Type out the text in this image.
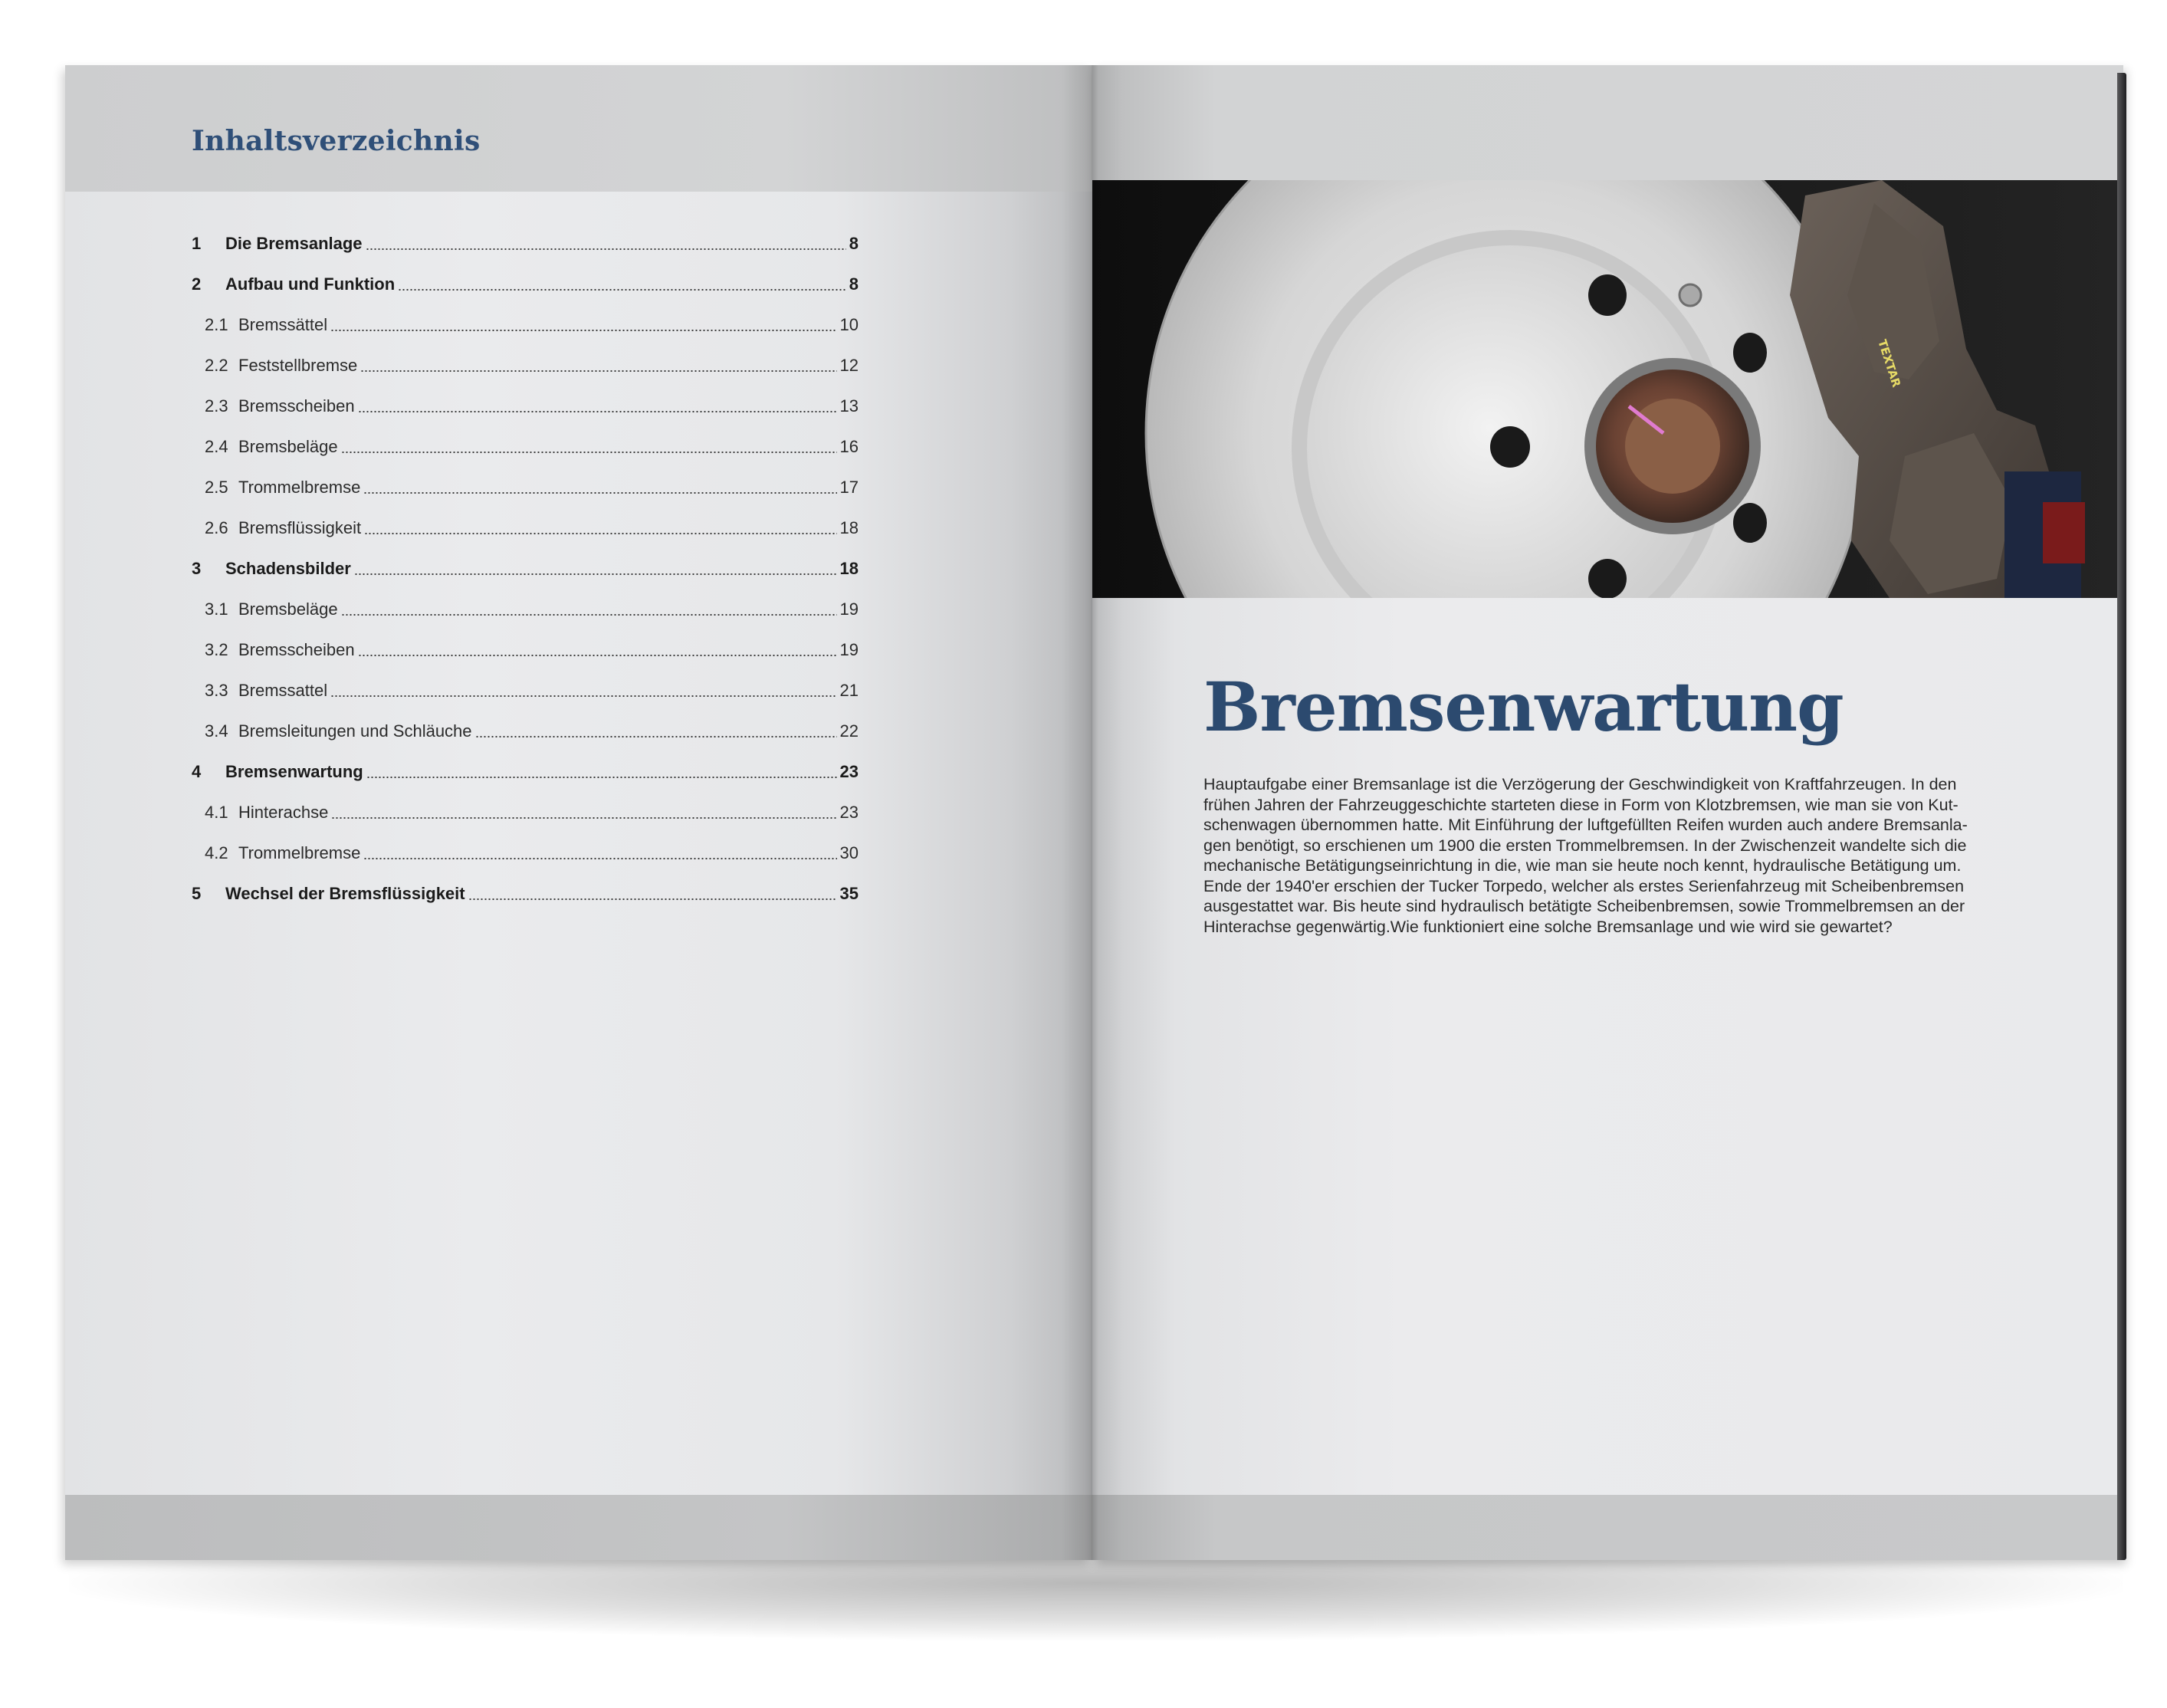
Inhaltsverzeichnis
1	Die Bremsanlage	8
2	Aufbau und Funktion	8
2.1 Bremssättel	10
2.2 Feststellbremse	12
2.3 Bremsscheiben	13
2.4 Bremsbeläge	16
2.5 Trommelbremse	17
2.6 Bremsflüssigkeit	18
3	Schadensbilder	18
3.1 Bremsbeläge	19
3.2 Bremsscheiben	19
3.3 Bremssattel	21
3.4 Bremsleitungen und Schläuche	22
4	Bremsenwartung	23
4.1 Hinterachse	23
4.2 Trommelbremse	30
5	Wechsel der Bremsflüssigkeit	35
TEXTAR
Bremsenwartung

Hauptaufgabe einer Bremsanlage ist die Verzögerung der Geschwindigkeit von Kraftfahrzeugen. In den

frühen Jahren der Fahrzeuggeschichte starteten diese in Form von Klotzbremsen, wie man sie von Kut-

schenwagen übernommen hatte. Mit Einführung der luftgefüllten Reifen wurden auch andere Bremsanla-

gen benötigt, so erschienen um 1900 die ersten Trommelbremsen. In der Zwischenzeit wandelte sich die

mechanische Betätigungseinrichtung in die, wie man sie heute noch kennt, hydraulische Betätigung um.

Ende der 1940'er erschien der Tucker Torpedo, welcher als erstes Serienfahrzeug mit Scheibenbremsen

ausgestattet war. Bis heute sind hydraulisch betätigte Scheibenbremsen, sowie Trommelbremsen an der

Hinterachse gegenwärtig.Wie funktioniert eine solche Bremsanlage und wie wird sie gewartet?
